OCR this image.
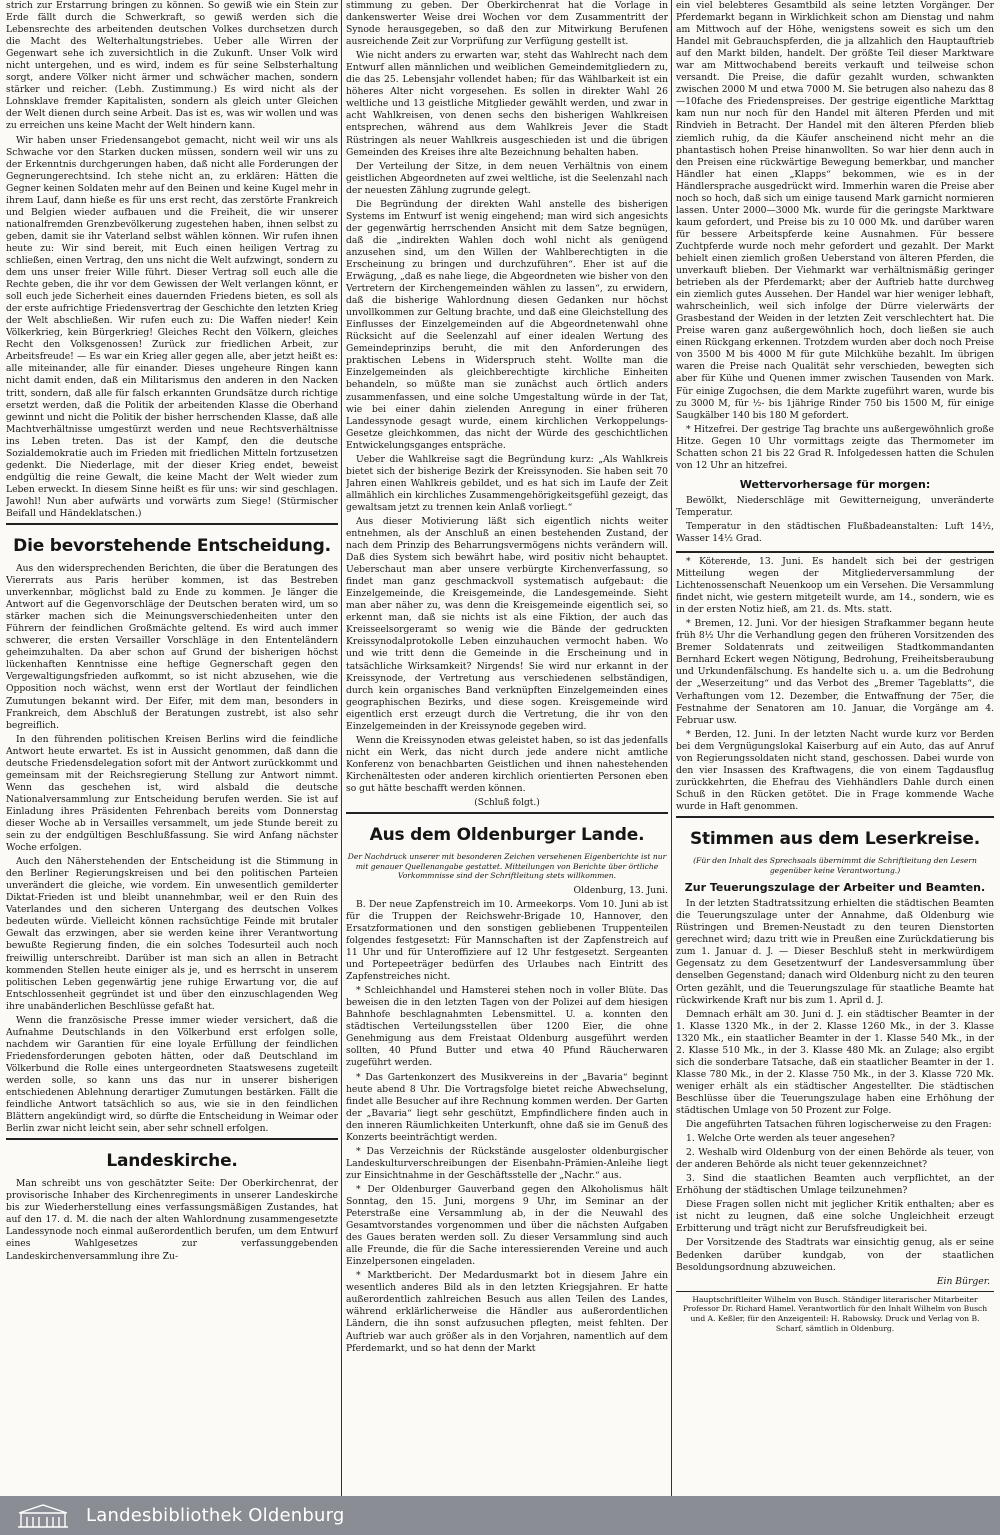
strich zur Erstarrung bringen zu können. So gewiß wie ein Stein zur Erde fällt durch die Schwerkraft, so gewiß werden sich die Lebensrechte des arbeitenden deutschen Volkes durchsetzen durch die Macht des Welterhaltungstriebes. Ueber alle Wirren der Gegenwart sehe ich zuversichtlich in die Zukunft. Unser Volk wird nicht untergehen, und es wird, indem es für seine Selbsterhaltung sorgt, andere Völker nicht ärmer und schwächer machen, sondern stärker und reicher. (Lebh. Zustimmung.) Es wird nicht als der Lohnsklave fremder Kapitalisten, sondern als gleich unter Gleichen der Welt dienen durch seine Arbeit. Das ist es, was wir wollen und was zu erreichen uns keine Macht der Welt hindern kann.

Wir haben unser Friedensangebot gemacht, nicht weil wir uns als Schwache vor den Starken ducken müssen, sondern weil wir uns zu der Erkenntnis durchgerungen haben, daß nicht alle Forderungen der Gegnerungerechtsind. Ich stehe nicht an, zu erklären: Hätten die Gegner keinen Soldaten mehr auf den Beinen und keine Kugel mehr in ihrem Lauf, dann hieße es für uns erst recht, das zerstörte Frankreich und Belgien wieder aufbauen und die Freiheit, die wir unserer nationalfremden Grenzbevölkerung zugestehen haben, ihnen selbst zu geben, damit sie ihr Vaterland selbst wählen können. Wir rufen ihnen heute zu: Wir sind bereit, mit Euch einen heiligen Vertrag zu schließen, einen Vertrag, den uns nicht die Welt aufzwingt, sondern zu dem uns unser freier Wille führt. Dieser Vertrag soll euch alle die Rechte geben, die ihr vor dem Gewissen der Welt verlangen könnt, er soll euch jede Sicherheit eines dauernden Friedens bieten, es soll als der erste aufrichtige Friedensvertrag der Geschichte den letzten Krieg der Welt abschließen. Wir rufen euch zu: Die Waffen nieder! Kein Völkerkrieg, kein Bürgerkrieg! Gleiches Recht den Völkern, gleiches Recht den Volksgenossen! Zurück zur friedlichen Arbeit, zur Arbeitsfreude! — Es war ein Krieg aller gegen alle, aber jetzt heißt es: alle miteinander, alle für einander. Dieses ungeheure Ringen kann nicht damit enden, daß ein Militarismus den anderen in den Nacken tritt, sondern, daß alle für falsch erkannten Grundsätze durch richtige ersetzt werden, daß die Politik der arbeitenden Klasse die Oberhand gewinnt und nicht die Politik der bisher herrschenden Klasse, daß alle Machtverhältnisse umgestürzt werden und neue Rechtsverhältnisse ins Leben treten. Das ist der Kampf, den die deutsche Sozialdemokratie auch im Frieden mit friedlichen Mitteln fortzusetzen gedenkt. Die Niederlage, mit der dieser Krieg endet, beweist endgültig die reine Gewalt, die keine Macht der Welt wieder zum Leben erweckt. In diesem Sinne heißt es für uns: wir sind geschlagen. Jawohl! Nun aber aufwärts und vorwärts zum Siege! (Stürmischer Beifall und Händeklatschen.)

Die bevorstehende Entscheidung.

Aus den widersprechenden Berichten, die über die Beratungen des Viererrats aus Paris herüber kommen, ist das Bestreben unverkennbar, möglichst bald zu Ende zu kommen. Je länger die Antwort auf die Gegenvorschläge der Deutschen beraten wird, um so stärker machen sich die Meinungsverschiedenheiten unter den Führern der feindlichen Großmächte geltend. Es wird auch immer schwerer, die ersten Versailler Vorschläge in den Ententeländern geheimzuhalten. Da aber schon auf Grund der bisherigen höchst lückenhaften Kenntnisse eine heftige Gegnerschaft gegen den Vergewaltigungsfrieden aufkommt, so ist nicht abzusehen, wie die Opposition noch wächst, wenn erst der Wortlaut der feindlichen Zumutungen bekannt wird. Der Eifer, mit dem man, besonders in Frankreich, dem Abschluß der Beratungen zustrebt, ist also sehr begreiflich.

In den führenden politischen Kreisen Berlins wird die feindliche Antwort heute erwartet. Es ist in Aussicht genommen, daß dann die deutsche Friedensdelegation sofort mit der Antwort zurückkommt und gemeinsam mit der Reichsregierung Stellung zur Antwort nimmt. Wenn das geschehen ist, wird alsbald die deutsche Nationalversammlung zur Entscheidung berufen werden. Sie ist auf Einladung ihres Präsidenten Fehrenbach bereits vom Donnerstag dieser Woche ab in Versailles versammelt, um jede Stunde bereit zu sein zu der endgültigen Beschlußfassung. Sie wird Anfang nächster Woche erfolgen.

Auch den Näherstehenden der Entscheidung ist die Stimmung in den Berliner Regierungskreisen und bei den politischen Parteien unverändert die gleiche, wie vordem. Ein unwesentlich gemilderter Diktat-Frieden ist und bleibt unannehmbar, weil er den Ruin des Vaterlandes und den sicheren Untergang des deutschen Volkes bedeuten würde. Vielleicht können rachsüchtige Feinde mit brutaler Gewalt das erzwingen, aber sie werden keine ihrer Verantwortung bewußte Regierung finden, die ein solches Todesurteil auch noch freiwillig unterschreibt. Darüber ist man sich an allen in Betracht kommenden Stellen heute einiger als je, und es herrscht in unserem politischen Leben gegenwärtig jene ruhige Erwartung vor, die auf Entschlossenheit gegründet ist und über den einzuschlagenden Weg ihre unabänderlichen Beschlüsse gefaßt hat.

Wenn die französische Presse immer wieder versichert, daß die Aufnahme Deutschlands in den Völkerbund erst erfolgen solle, nachdem wir Garantien für eine loyale Erfüllung der feindlichen Friedensforderungen geboten hätten, oder daß Deutschland im Völkerbund die Rolle eines untergeordneten Staatswesens zugeteilt werden solle, so kann uns das nur in unserer bisherigen entschiedenen Ablehnung derartiger Zumutungen bestärken. Fällt die feindliche Antwort tatsächlich so aus, wie sie in den feindlichen Blättern angekündigt wird, so dürfte die Entscheidung in Weimar oder Berlin zwar nicht leicht sein, aber sehr schnell erfolgen.

Landeskirche.

Man schreibt uns von geschätzter Seite: Der Oberkirchenrat, der provisorische Inhaber des Kirchenregiments in unserer Landeskirche bis zur Wiederherstellung eines verfassungsmäßigen Zustandes, hat auf den 17. d. M. die nach der alten Wahlordnung zusammengesetzte Landessynode noch einmal außerordentlich berufen, um dem Entwurf eines Wahlgesetzes zur verfassunggebenden Landeskirchenversammlung ihre Zu-

stimmung zu geben. Der Oberkirchenrat hat die Vorlage in dankenswerter Weise drei Wochen vor dem Zusammentritt der Synode herausgegeben, so daß den zur Mitwirkung Berufenen ausreichende Zeit zur Vorprüfung zur Verfügung gestellt ist.

Wie nicht anders zu erwarten war, steht das Wahlrecht nach dem Entwurf allen männlichen und weiblichen Gemeindemitgliedern zu, die das 25. Lebensjahr vollendet haben; für das Wählbarkeit ist ein höheres Alter nicht vorgesehen. Es sollen in direkter Wahl 26 weltliche und 13 geistliche Mitglieder gewählt werden, und zwar in acht Wahlkreisen, von denen sechs den bisherigen Wahlkreisen entsprechen, während aus dem Wahlkreis Jever die Stadt Rüstringen als neuer Wahlkreis ausgeschieden ist und die übrigen Gemeinden des Kreises ihre alte Bezeichnung behalten haben.

Der Verteilung der Sitze, in dem neuen Verhältnis von einem geistlichen Abgeordneten auf zwei weltliche, ist die Seelenzahl nach der neuesten Zählung zugrunde gelegt.

Die Begründung der direkten Wahl anstelle des bisherigen Systems im Entwurf ist wenig eingehend; man wird sich angesichts der gegenwärtig herrschenden Ansicht mit dem Satze begnügen, daß die „indirekten Wahlen doch wohl nicht als genügend anzusehen sind, um den Willen der Wahlberechtigten in die Erscheinung zu bringen und durchzuführen“. Eher ist auf die Erwägung, „daß es nahe liege, die Abgeordneten wie bisher von den Vertretern der Kirchengemeinden wählen zu lassen“, zu erwidern, daß die bisherige Wahlordnung diesen Gedanken nur höchst unvollkommen zur Geltung brachte, und daß eine Gleichstellung des Einflusses der Einzelgemeinden auf die Abgeordnetenwahl ohne Rücksicht auf die Seelenzahl auf einer idealen Wertung des Gemeindeprinzips beruht, die mit den Anforderungen des praktischen Lebens in Widerspruch steht. Wollte man die Einzelgemeinden als gleichberechtigte kirchliche Einheiten behandeln, so müßte man sie zunächst auch örtlich anders zusammenfassen, und eine solche Umgestaltung würde in der Tat, wie bei einer dahin zielenden Anregung in einer früheren Landessynode gesagt wurde, einem kirchlichen Verkoppelungs-Gesetze gleichkommen, das nicht der Würde des geschichtlichen Entwickelungsganges entspräche.

Ueber die Wahlkreise sagt die Begründung kurz: „Als Wahlkreis bietet sich der bisherige Bezirk der Kreissynoden. Sie haben seit 70 Jahren einen Wahlkreis gebildet, und es hat sich im Laufe der Zeit allmählich ein kirchliches Zusammengehörigkeitsgefühl gezeigt, das gewaltsam jetzt zu trennen kein Anlaß vorliegt.“

Aus dieser Motivierung läßt sich eigentlich nichts weiter entnehmen, als der Anschluß an einen bestehenden Zustand, der nach dem Prinzip des Beharrungsvermögens nichts verändern will. Daß dies System sich bewährt habe, wird positiv nicht behauptet. Ueberschaut man aber unsere verbürgte Kirchenverfassung, so findet man ganz geschmackvoll systematisch aufgebaut: die Einzelgemeinde, die Kreisgemeinde, die Landesgemeinde. Sieht man aber näher zu, was denn die Kreisgemeinde eigentlich sei, so erkennt man, daß sie nichts ist als eine Fiktion, der auch das Kreisseelsorgeramt so wenig wie die Bände der gedruckten Kreissynodalprotokolle Leben einzuhauchen vermocht haben. Wo und wie tritt denn die Gemeinde in die Erscheinung und in tatsächliche Wirksamkeit? Nirgends! Sie wird nur erkannt in der Kreissynode, der Vertretung aus verschiedenen selbständigen, durch kein organisches Band verknüpften Einzelgemeinden eines geographischen Bezirks, und diese sogen. Kreisgemeinde wird eigentlich erst erzeugt durch die Vertretung, die ihr von den Einzelgemeinden in der Kreissynode gegeben wird.

Wenn die Kreissynoden etwas geleistet haben, so ist das jedenfalls nicht ein Werk, das nicht durch jede andere nicht amtliche Konferenz von benachbarten Geistlichen und ihnen nahestehenden Kirchenältesten oder anderen kirchlich orientierten Personen eben so gut hätte beschafft werden können.

(Schluß folgt.)
Aus dem Oldenburger Lande.
Der Nachdruck unserer mit besonderen Zeichen versehenen Eigenberichte ist nur mit genauer Quellenangabe gestattet. Mitteilungen von Berichte über örtliche Vorkommnisse sind der Schriftleitung stets willkommen.

Oldenburg, 13. Juni.

B. Der neue Zapfenstreich im 10. Armeekorps. Vom 10. Juni ab ist für die Truppen der Reichswehr-Brigade 10, Hannover, den Ersatzformationen und den sonstigen gebliebenen Truppenteilen folgendes festgesetzt: Für Mannschaften ist der Zapfenstreich auf 11 Uhr und für Unteroffiziere auf 12 Uhr festgesetzt. Sergeanten und Portepeeträger bedürfen des Urlaubes nach Eintritt des Zapfenstreiches nicht.

* Schleichhandel und Hamsterei stehen noch in voller Blüte. Das beweisen die in den letzten Tagen von der Polizei auf dem hiesigen Bahnhofe beschlagnahmten Lebensmittel. U. a. konnten den städtischen Verteilungsstellen über 1200 Eier, die ohne Genehmigung aus dem Freistaat Oldenburg ausgeführt werden sollten, 40 Pfund Butter und etwa 40 Pfund Räucherwaren zugeführt werden.

* Das Gartenkonzert des Musikvereins in der „Bavaria“ beginnt heute abend 8 Uhr. Die Vortragsfolge bietet reiche Abwechselung, findet alle Besucher auf ihre Rechnung kommen werden. Der Garten der „Bavaria“ liegt sehr geschützt, Empfindlichere finden auch in den inneren Räumlichkeiten Unterkunft, ohne daß sie im Genuß des Konzerts beeinträchtigt werden.

* Das Verzeichnis der Rückstände ausgeloster oldenburgischer Landeskulturverschreibungen der Eisenbahn-Prämien-Anleihe liegt zur Einsichtnahme in der Geschäftsstelle der „Nachr.“ aus.

* Der Oldenburger Gauverband gegen den Alkoholismus hält Sonntag, den 15. Juni, morgens 9 Uhr, im Seminar an der Peterstraße eine Versammlung ab, in der die Neuwahl des Gesamtvorstandes vorgenommen und über die nächsten Aufgaben des Gaues beraten werden soll. Zu dieser Versammlung sind auch alle Freunde, die für die Sache interessierenden Vereine und auch Einzelpersonen eingeladen.

* Marktbericht. Der Medardusmarkt bot in diesem Jahre ein wesentlich anderes Bild als in den letzten Kriegsjahren. Er hatte außerordentlich zahlreichen Besuch aus allen Teilen des Landes, während erklärlicherweise die Händler aus außerordentlichen Ländern, die ihn sonst aufzusuchen pflegten, meist fehlten. Der Auftrieb war auch größer als in den Vorjahren, namentlich auf dem Pferdemarkt, und so hat denn der Markt

ein viel belebteres Gesamtbild als seine letzten Vorgänger. Der Pferdemarkt begann in Wirklichkeit schon am Dienstag und nahm am Mittwoch auf der Höhe, wenigstens soweit es sich um den Handel mit Gebrauchspferden, die ja allzahlich den Hauptauftrieb auf den Markt bilden, handelt. Der größte Teil dieser Marktware war am Mittwochabend bereits verkauft und teilweise schon versandt. Die Preise, die dafür gezahlt wurden, schwankten zwischen 2000 M und etwa 7000 M. Sie betrugen also nahezu das 8—10fache des Friedenspreises. Der gestrige eigentliche Markttag kam nun nur noch für den Handel mit älteren Pferden und mit Rindvieh in Betracht. Der Handel mit den älteren Pferden blieb ziemlich ruhig, da die Käufer anscheinend nicht mehr an die phantastisch hohen Preise hinanwollten. So war hier denn auch in den Preisen eine rückwärtige Bewegung bemerkbar, und mancher Händler hat einen „Klapps“ bekommen, wie es in der Händlersprache ausgedrückt wird. Immerhin waren die Preise aber noch so hoch, daß sich um einige tausend Mark garnicht normieren lassen. Unter 2000—3000 Mk. wurde für die geringste Marktware kaum gefordert, und Preise bis zu 10 000 Mk. und darüber waren für bessere Arbeitspferde keine Ausnahmen. Für bessere Zuchtpferde wurde noch mehr gefordert und gezahlt. Der Markt behielt einen ziemlich großen Ueberstand von älteren Pferden, die unverkauft blieben. Der Viehmarkt war verhältnismäßig geringer betrieben als der Pferdemarkt; aber der Auftrieb hatte durchweg ein ziemlich gutes Aussehen. Der Handel war hier weniger lebhaft, wahrscheinlich, weil sich infolge der Dürre vielerwärts der Grasbestand der Weiden in der letzten Zeit verschlechtert hat. Die Preise waren ganz außergewöhnlich hoch, doch ließen sie auch einen Rückgang erkennen. Trotzdem wurden aber doch noch Preise von 3500 M bis 4000 M für gute Milchkühe bezahlt. Im übrigen waren die Preise nach Qualität sehr verschieden, bewegten sich aber für Kühe und Quenen immer zwischen Tausenden von Mark. Für einige Zugochsen, die dem Markte zugeführt waren, wurde bis zu 3000 M, für ½- bis 1jährige Rinder 750 bis 1500 M, für einige Saugkälber 140 bis 180 M gefordert.

* Hitzefrei. Der gestrige Tag brachte uns außergewöhnlich große Hitze. Gegen 10 Uhr vormittags zeigte das Thermometer im Schatten schon 21 bis 22 Grad R. Infolgedessen hatten die Schulen von 12 Uhr an hitzefrei.

Wettervorhersage für morgen:

Bewölkt, Niederschläge mit Gewitterneigung, unveränderte Temperatur.

Temperatur in den städtischen Flußbadeanstalten: Luft 14½, Wasser 14½ Grad.

* Kötereнde, 13. Juni. Es handelt sich bei der gestrigen Mitteilung wegen der Mitgliederversammlung der Lichtenossenschaft Neuenkoop um ein Versehen. Die Versammlung findet nicht, wie gestern mitgeteilt wurde, am 14., sondern, wie es in der ersten Notiz hieß, am 21. ds. Mts. statt.

* Bremen, 12. Juni. Vor der hiesigen Strafkammer begann heute früh 8½ Uhr die Verhandlung gegen den früheren Vorsitzenden des Bremer Soldatenrats und zeitweiligen Stadtkommandanten Bernhard Eckert wegen Nötigung, Bedrohung, Freiheitsberaubung und Urkundenfälschung. Es handelte sich u. a. um die Bedrohung der „Weserzeitung“ und das Verbot des „Bremer Tageblatts“, die Verhaftungen vom 12. Dezember, die Entwaffnung der 75er, die Festnahme der Senatoren am 10. Januar, die Vorgänge am 4. Februar usw.

* Berden, 12. Juni. In der letzten Nacht wurde kurz vor Berden bei dem Vergnügungslokal Kaiserburg auf ein Auto, das auf Anruf von Regierungssoldaten nicht stand, geschossen. Dabei wurde von den vier Insassen des Kraftwagens, die von einem Tagdausflug zurückkehrten, die Ehefrau des Viehhändlers Dahle durch einen Schuß in den Rücken getötet. Die in Frage kommende Wache wurde in Haft genommen.

Stimmen aus dem Leserkreise.
(Für den Inhalt des Sprechsaals übernimmt die Schriftleitung den Lesern gegenüber keine Verantwortung.)
Zur Teuerungszulage der Arbeiter und Beamten.

In der letzten Stadtratssitzung erhielten die städtischen Beamten die Teuerungszulage unter der Annahme, daß Oldenburg wie Rüstringen und Bremen-Neustadt zu den teuren Dienstorten gerechnet wird; dazu tritt wie in Preußen eine Zurückdatierung bis zum 1. Januar d. J. — Dieser Beschluß steht in merkwürdigem Gegensatz zu dem Gesetzentwurf der Landesversammlung über denselben Gegenstand; danach wird Oldenburg nicht zu den teuren Orten gezählt, und die Teuerungszulage für staatliche Beamte hat rückwirkende Kraft nur bis zum 1. April d. J.

Demnach erhält am 30. Juni d. J. ein städtischer Beamter in der 1. Klasse 1320 Mk., in der 2. Klasse 1260 Mk., in der 3. Klasse 1320 Mk., ein staatlicher Beamter in der 1. Klasse 540 Mk., in der 2. Klasse 510 Mk., in der 3. Klasse 480 Mk. an Zulage; also ergibt sich die sonderbare Tatsache, daß ein staatlicher Beamter in der 1. Klasse 780 Mk., in der 2. Klasse 750 Mk., in der 3. Klasse 720 Mk. weniger erhält als ein städtischer Angestellter. Die städtischen Beschlüsse über die Teuerungszulage haben eine Erhöhung der städtischen Umlage von 50 Prozent zur Folge.

Die angeführten Tatsachen führen logischerweise zu den Fragen:

1. Welche Orte werden als teuer angesehen?

2. Weshalb wird Oldenburg von der einen Behörde als teuer, von der anderen Behörde als nicht teuer gekennzeichnet?

3. Sind die staatlichen Beamten auch verpflichtet, an der Erhöhung der städtischen Umlage teilzunehmen?

Diese Fragen sollen nicht mit jeglicher Kritik enthalten; aber es ist nicht zu leugnen, daß eine solche Ungleichheit erzeugt Erbitterung und trägt nicht zur Berufsfreudigkeit bei.

Der Vorsitzende des Stadtrats war einsichtig genug, als er seine Bedenken darüber kundgab, von der staatlichen Besoldungsordnung abzuweichen.

Ein Bürger.
Hauptschriftleiter Wilhelm von Busch. Ständiger literarischer Mitarbeiter Professor Dr. Richard Hamel. Verantwortlich für den Inhalt Wilhelm von Busch und A. Keßler, für den Anzeigenteil: H. Rabowsky. Druck und Verlag von B. Scharf, sämtlich in Oldenburg.
Landesbibliothek Oldenburg
